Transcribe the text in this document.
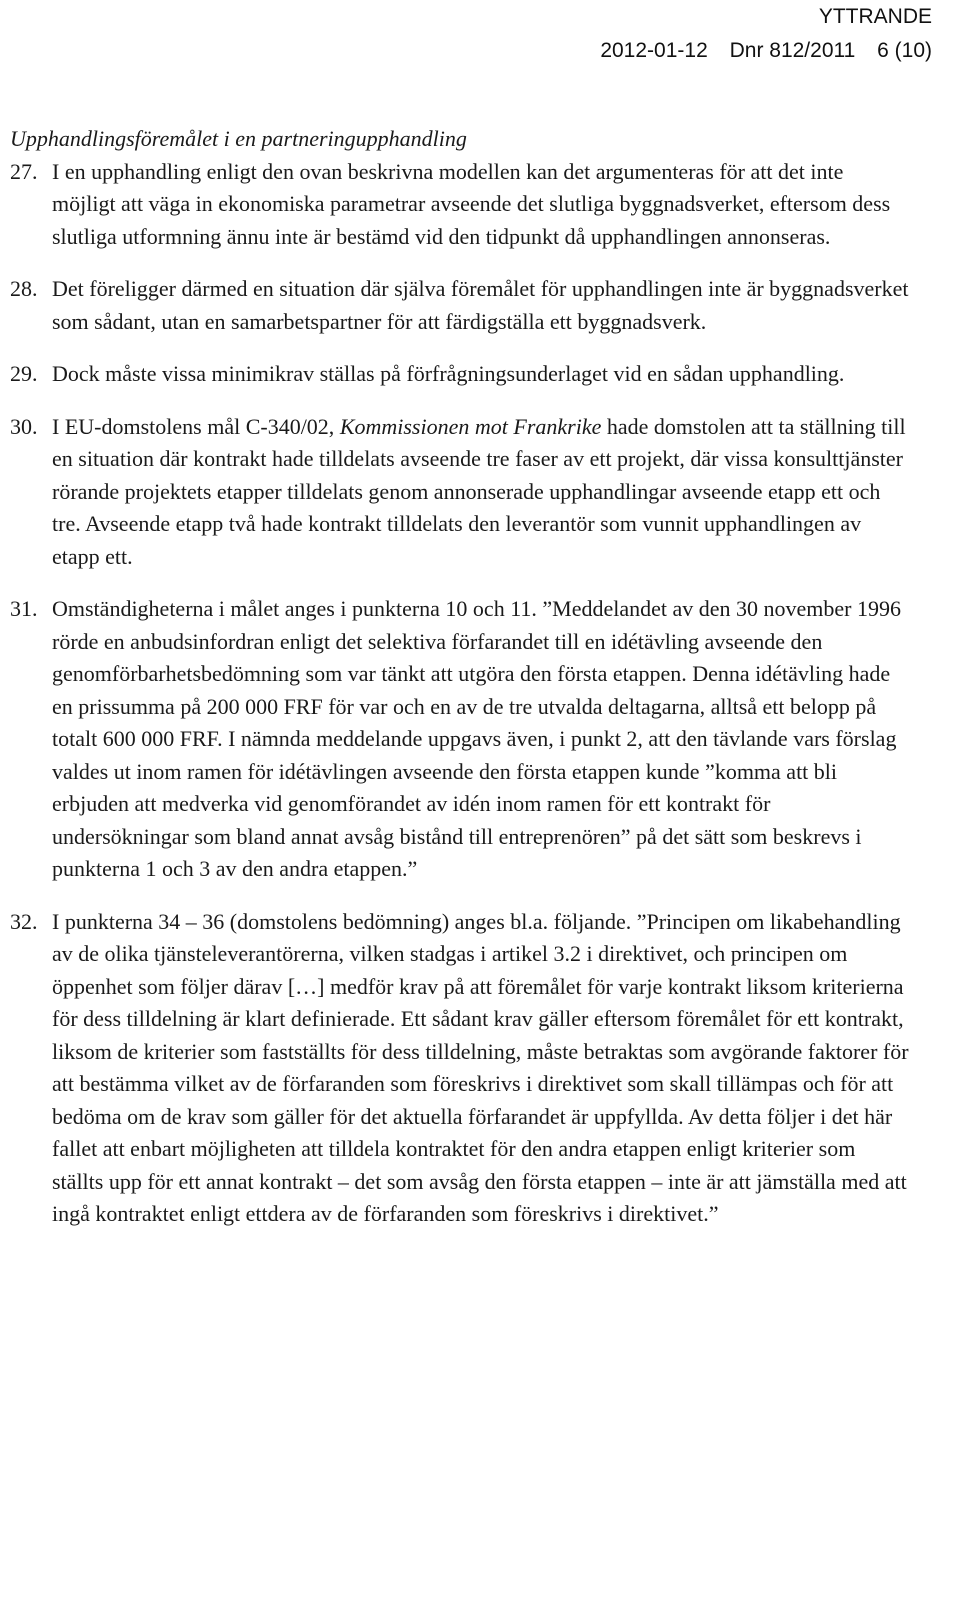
YTTRANDE
2012-01-12 Dnr 812/2011 6 (10)

Upphandlingsföremålet i en partneringupphandling

27. I en upphandling enligt den ovan beskrivna modellen kan det argumenteras för att det inte möjligt att väga in ekonomiska parametrar avseende det slutliga byggnadsverket, eftersom dess slutliga utformning ännu inte är bestämd vid den tidpunkt då upphandlingen annonseras.
28. Det föreligger därmed en situation där själva föremålet för upphandlingen inte är byggnadsverket som sådant, utan en samarbetspartner för att färdigställa ett byggnadsverk.
29. Dock måste vissa minimikrav ställas på förfrågningsunderlaget vid en sådan upphandling.
30. I EU-domstolens mål C-340/02, Kommissionen mot Frankrike hade domstolen att ta ställning till en situation där kontrakt hade tilldelats avseende tre faser av ett projekt, där vissa konsulttjänster rörande projektets etapper tilldelats genom annonserade upphandlingar avseende etapp ett och tre. Avseende etapp två hade kontrakt tilldelats den leverantör som vunnit upphandlingen av etapp ett.
31. Omständigheterna i målet anges i punkterna 10 och 11. ”Meddelandet av den 30 november 1996 rörde en anbudsinfordran enligt det selektiva förfarandet till en idétävling avseende den genomförbarhetsbedömning som var tänkt att utgöra den första etappen. Denna idétävling hade en prissumma på 200 000 FRF för var och en av de tre utvalda deltagarna, alltså ett belopp på totalt 600 000 FRF. I nämnda meddelande uppgavs även, i punkt 2, att den tävlande vars förslag valdes ut inom ramen för idétävlingen avseende den första etappen kunde ”komma att bli erbjuden att medverka vid genomförandet av idén inom ramen för ett kontrakt för undersökningar som bland annat avsåg bistånd till entreprenören” på det sätt som beskrevs i punkterna 1 och 3 av den andra etappen.”
32. I punkterna 34 – 36 (domstolens bedömning) anges bl.a. följande. ”Principen om likabehandling av de olika tjänsteleverantörerna, vilken stadgas i artikel 3.2 i direktivet, och principen om öppenhet som följer därav […] medför krav på att föremålet för varje kontrakt liksom kriterierna för dess tilldelning är klart definierade. Ett sådant krav gäller eftersom föremålet för ett kontrakt, liksom de kriterier som fastställts för dess tilldelning, måste betraktas som avgörande faktorer för att bestämma vilket av de förfaranden som föreskrivs i direktivet som skall tillämpas och för att bedöma om de krav som gäller för det aktuella förfarandet är uppfyllda. Av detta följer i det här fallet att enbart möjligheten att tilldela kontraktet för den andra etappen enligt kriterier som ställts upp för ett annat kontrakt – det som avsåg den första etappen – inte är att jämställa med att ingå kontraktet enligt ettdera av de förfaranden som föreskrivs i direktivet.”
